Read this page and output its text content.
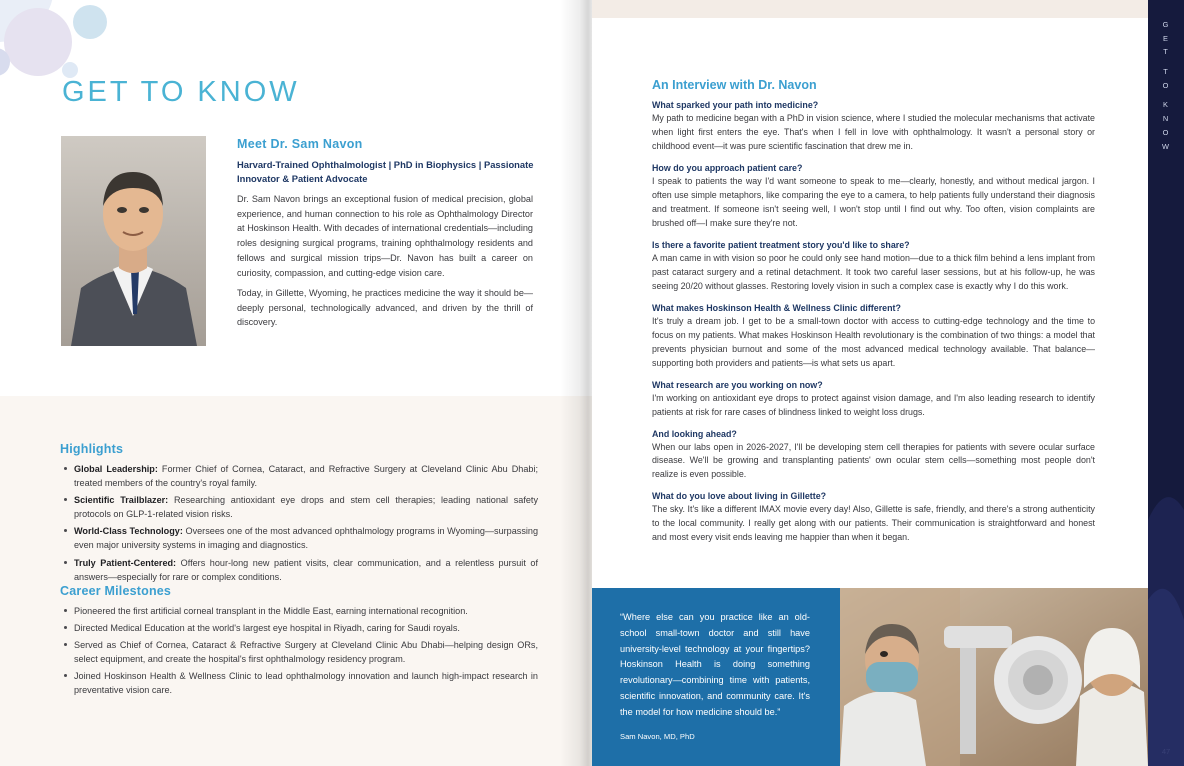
GET TO KNOW
Meet Dr. Sam Navon
Harvard-Trained Ophthalmologist | PhD in Biophysics | Passionate Innovator & Patient Advocate
Dr. Sam Navon brings an exceptional fusion of medical precision, global experience, and human connection to his role as Ophthalmology Director at Hoskinson Health. With decades of international credentials—including roles designing surgical programs, training ophthalmology residents and fellows and surgical mission trips—Dr. Navon has built a career on curiosity, compassion, and cutting-edge vision care.
Today, in Gillette, Wyoming, he practices medicine the way it should be—deeply personal, technologically advanced, and driven by the thrill of discovery.
Highlights
Global Leadership: Former Chief of Cornea, Cataract, and Refractive Surgery at Cleveland Clinic Abu Dhabi; treated members of the country's royal family.
Scientific Trailblazer: Researching antioxidant eye drops and stem cell therapies; leading national safety protocols on GLP-1-related vision risks.
World-Class Technology: Oversees one of the most advanced ophthalmology programs in Wyoming—surpassing even major university systems in imaging and diagnostics.
Truly Patient-Centered: Offers hour-long new patient visits, clear communication, and a relentless pursuit of answers—especially for rare or complex conditions.
Career Milestones
Pioneered the first artificial corneal transplant in the Middle East, earning international recognition.
Directed Medical Education at the world's largest eye hospital in Riyadh, caring for Saudi royals.
Served as Chief of Cornea, Cataract & Refractive Surgery at Cleveland Clinic Abu Dhabi—helping design ORs, select equipment, and create the hospital's first ophthalmology residency program.
Joined Hoskinson Health & Wellness Clinic to lead ophthalmology innovation and launch high-impact research in preventative vision care.
An Interview with Dr. Navon
What sparked your path into medicine?
My path to medicine began with a PhD in vision science, where I studied the molecular mechanisms that activate when light first enters the eye. That's when I fell in love with ophthalmology. It wasn't a personal story or childhood event—it was pure scientific fascination that drew me in.
How do you approach patient care?
I speak to patients the way I'd want someone to speak to me—clearly, honestly, and without medical jargon. I often use simple metaphors, like comparing the eye to a camera, to help patients fully understand their diagnosis and treatment. If someone isn't seeing well, I won't stop until I find out why. Too often, vision complaints are brushed off—I make sure they're not.
Is there a favorite patient treatment story you'd like to share?
A man came in with vision so poor he could only see hand motion—due to a thick film behind a lens implant from past cataract surgery and a retinal detachment. It took two careful laser sessions, but at his follow-up, he was seeing 20/20 without glasses. Restoring lovely vision in such a complex case is exactly why I do this work.
What makes Hoskinson Health & Wellness Clinic different?
It's truly a dream job. I get to be a small-town doctor with access to cutting-edge technology and the time to focus on my patients. What makes Hoskinson Health revolutionary is the combination of two things: a model that prevents physician burnout and some of the most advanced medical technology available. That balance—supporting both providers and patients—is what sets us apart.
What research are you working on now?
I'm working on antioxidant eye drops to protect against vision damage, and I'm also leading research to identify patients at risk for rare cases of blindness linked to weight loss drugs.
And looking ahead?
When our labs open in 2026-2027, I'll be developing stem cell therapies for patients with severe ocular surface disease. We'll be growing and transplanting patients' own ocular stem cells—something most people don't realize is even possible.
What do you love about living in Gillette?
The sky. It's like a different IMAX movie every day! Also, Gillette is safe, friendly, and there's a strong authenticity to the local community. I really get along with our patients. Their communication is straightforward and honest and most every visit ends leaving me happier than when it began.
“Where else can you practice like an old-school small-town doctor and still have university-level technology at your fingertips? Hoskinson Health is doing something revolutionary—combining time with patients, scientific innovation, and community care. It's the model for how medicine should be.”
Sam Navon, MD, PhD
G
E
T

T
O

K
N
O
W
